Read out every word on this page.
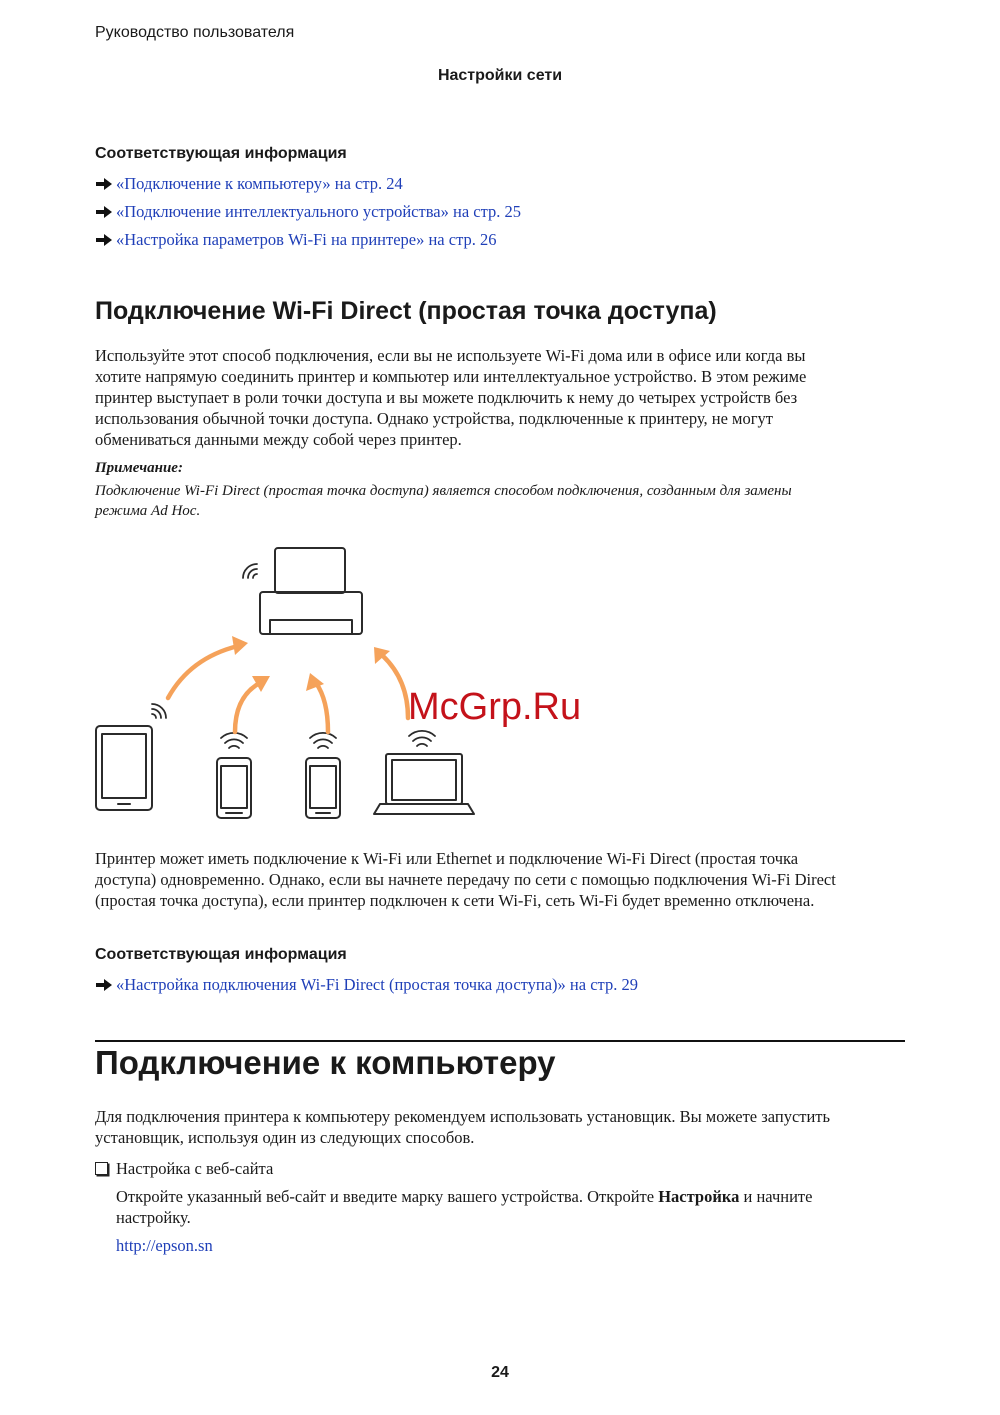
Руководство пользователя
Настройки сети
Соответствующая информация
«Подключение к компьютеру» на стр. 24
«Подключение интеллектуального устройства» на стр. 25
«Настройка параметров Wi-Fi на принтере» на стр. 26
Подключение Wi-Fi Direct (простая точка доступа)
Используйте этот способ подключения, если вы не используете Wi-Fi дома или в офисе или когда вы
хотите напрямую соединить принтер и компьютер или интеллектуальное устройство. В этом режиме
принтер выступает в роли точки доступа и вы можете подключить к нему до четырех устройств без
использования обычной точки доступа. Однако устройства, подключенные к принтеру, не могут
обмениваться данными между собой через принтер.
Примечание:
Подключение Wi-Fi Direct (простая точка доступа) является способом подключения, созданным для замены
режима Ad Hoc.
McGrp.Ru
Принтер может иметь подключение к Wi-Fi или Ethernet и подключение Wi-Fi Direct (простая точка
доступа) одновременно. Однако, если вы начнете передачу по сети с помощью подключения Wi-Fi Direct
(простая точка доступа), если принтер подключен к сети Wi-Fi, сеть Wi-Fi будет временно отключена.
Соответствующая информация
«Настройка подключения Wi-Fi Direct (простая точка доступа)» на стр. 29
Подключение к компьютеру
Для подключения принтера к компьютеру рекомендуем использовать установщик. Вы можете запустить
установщик, используя один из следующих способов.
Настройка с веб-сайта
Откройте указанный веб-сайт и введите марку вашего устройства. Откройте Настройка и начните
настройку.
http://epson.sn
24
